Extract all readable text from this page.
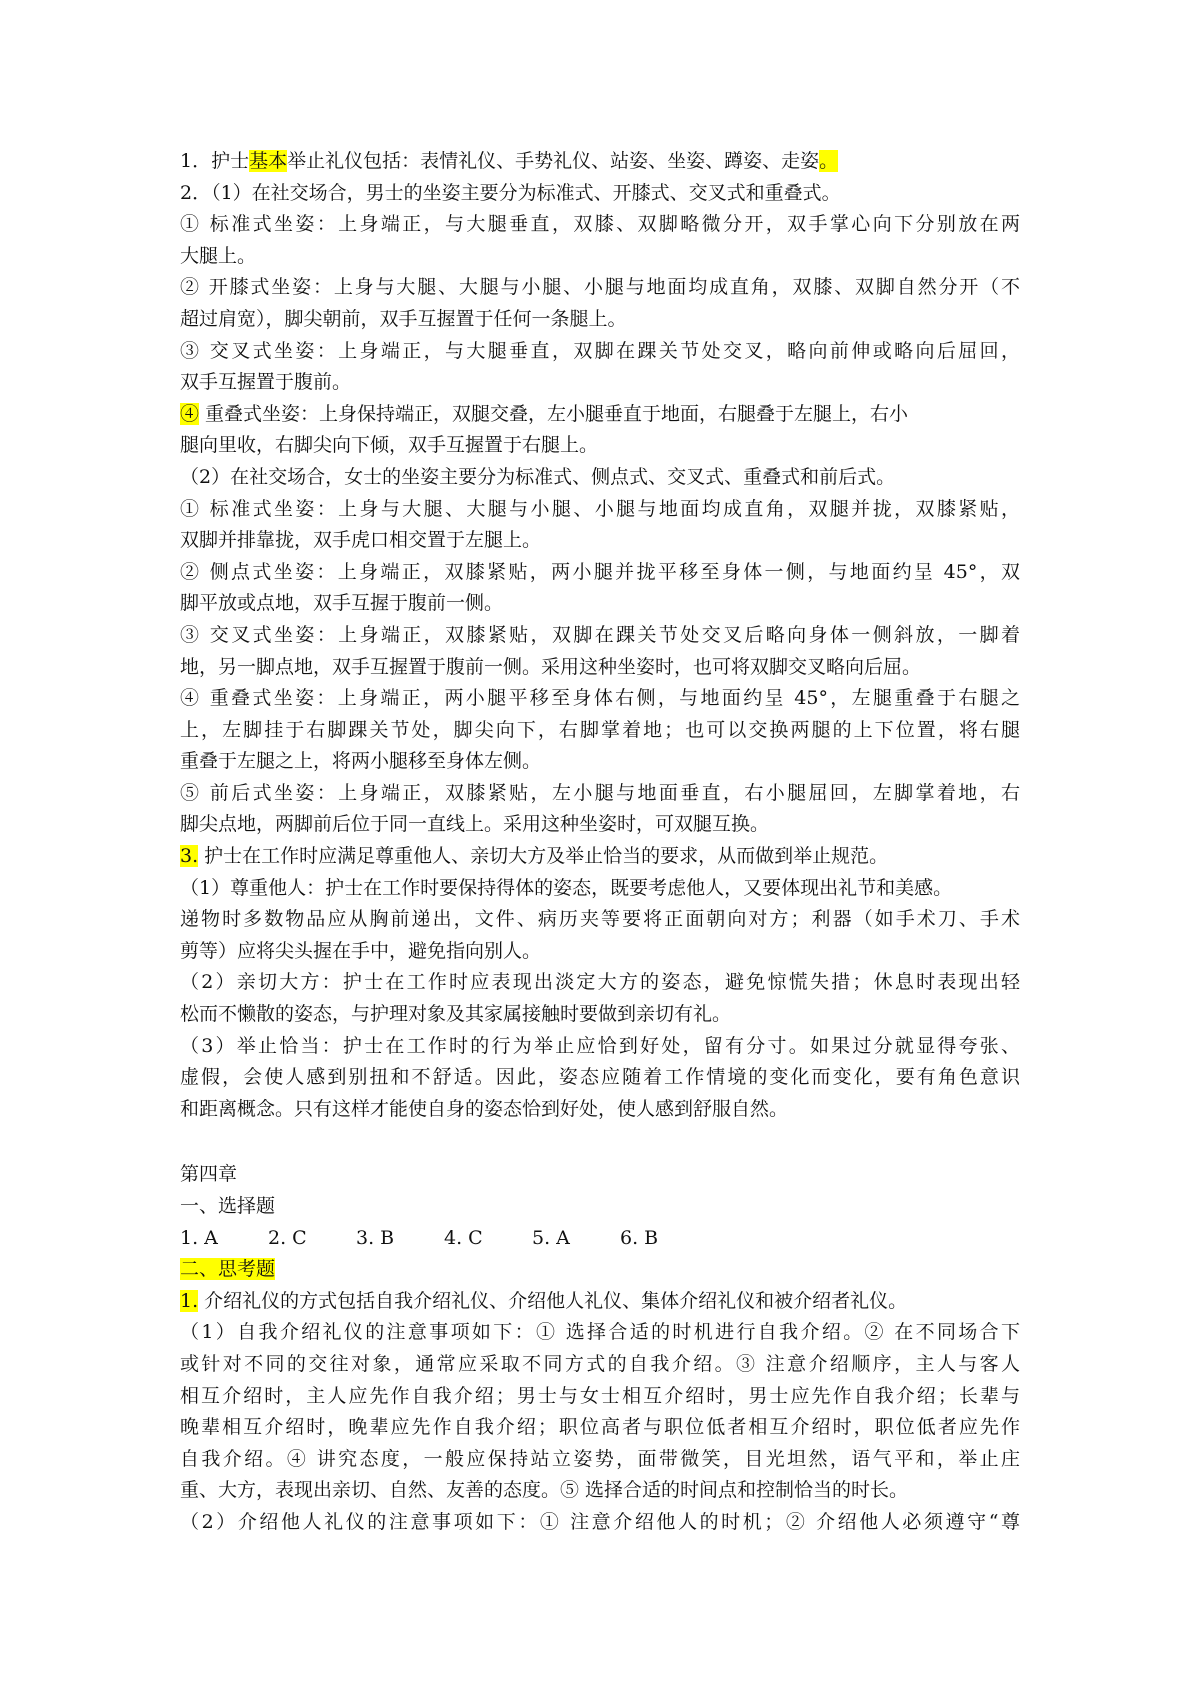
1．护士基本举止礼仪包括：表情礼仪、手势礼仪、站姿、坐姿、蹲姿、走姿。
2．（1）在社交场合，男士的坐姿主要分为标准式、开膝式、交叉式和重叠式。
① 标准式坐姿：上身端正，与大腿垂直，双膝、双脚略微分开，双手掌心向下分别放在两
大腿上。
② 开膝式坐姿：上身与大腿、大腿与小腿、小腿与地面均成直角，双膝、双脚自然分开（不
超过肩宽），脚尖朝前，双手互握置于任何一条腿上。
③ 交叉式坐姿：上身端正，与大腿垂直，双脚在踝关节处交叉，略向前伸或略向后屈回，
双手互握置于腹前。
④ 重叠式坐姿：上身保持端正，双腿交叠，左小腿垂直于地面，右腿叠于左腿上，右小
腿向里收，右脚尖向下倾，双手互握置于右腿上。
（2）在社交场合，女士的坐姿主要分为标准式、侧点式、交叉式、重叠式和前后式。
① 标准式坐姿：上身与大腿、大腿与小腿、小腿与地面均成直角，双腿并拢，双膝紧贴，
双脚并排靠拢，双手虎口相交置于左腿上。
② 侧点式坐姿：上身端正，双膝紧贴，两小腿并拢平移至身体一侧，与地面约呈 45°，双
脚平放或点地，双手互握于腹前一侧。
③ 交叉式坐姿：上身端正，双膝紧贴，双脚在踝关节处交叉后略向身体一侧斜放，一脚着
地，另一脚点地，双手互握置于腹前一侧。采用这种坐姿时，也可将双脚交叉略向后屈。
④ 重叠式坐姿：上身端正，两小腿平移至身体右侧，与地面约呈 45°，左腿重叠于右腿之
上，左脚挂于右脚踝关节处，脚尖向下，右脚掌着地；也可以交换两腿的上下位置，将右腿
重叠于左腿之上，将两小腿移至身体左侧。
⑤ 前后式坐姿：上身端正，双膝紧贴，左小腿与地面垂直，右小腿屈回，左脚掌着地，右
脚尖点地，两脚前后位于同一直线上。采用这种坐姿时，可双腿互换。
3. 护士在工作时应满足尊重他人、亲切大方及举止恰当的要求，从而做到举止规范。
（1）尊重他人：护士在工作时要保持得体的姿态，既要考虑他人，又要体现出礼节和美感。
递物时多数物品应从胸前递出，文件、病历夹等要将正面朝向对方；利器（如手术刀、手术
剪等）应将尖头握在手中，避免指向别人。
（2）亲切大方：护士在工作时应表现出淡定大方的姿态，避免惊慌失措；休息时表现出轻
松而不懒散的姿态，与护理对象及其家属接触时要做到亲切有礼。
（3）举止恰当：护士在工作时的行为举止应恰到好处，留有分寸。如果过分就显得夸张、
虚假，会使人感到别扭和不舒适。因此，姿态应随着工作情境的变化而变化，要有角色意识
和距离概念。只有这样才能使自身的姿态恰到好处，使人感到舒服自然。
第四章
一、选择题
1. A	2. C	3. B	4. C	5. A	6. B
二、思考题
1. 介绍礼仪的方式包括自我介绍礼仪、介绍他人礼仪、集体介绍礼仪和被介绍者礼仪。
（1）自我介绍礼仪的注意事项如下：① 选择合适的时机进行自我介绍。② 在不同场合下
或针对不同的交往对象，通常应采取不同方式的自我介绍。③ 注意介绍顺序，主人与客人
相互介绍时，主人应先作自我介绍；男士与女士相互介绍时，男士应先作自我介绍；长辈与
晚辈相互介绍时，晚辈应先作自我介绍；职位高者与职位低者相互介绍时，职位低者应先作
自我介绍。④ 讲究态度，一般应保持站立姿势，面带微笑，目光坦然，语气平和，举止庄
重、大方，表现出亲切、自然、友善的态度。⑤ 选择合适的时间点和控制恰当的时长。
（2）介绍他人礼仪的注意事项如下：① 注意介绍他人的时机；② 介绍他人必须遵守“尊
